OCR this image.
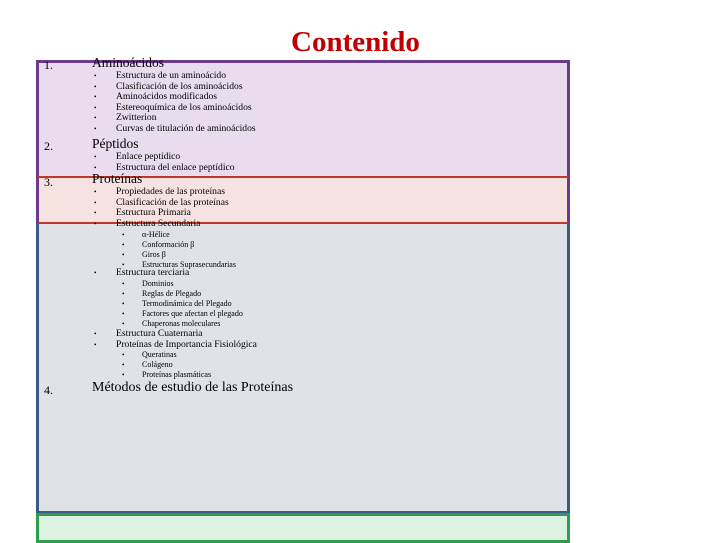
Contenido
1.	Aminoácidos
• Estructura de un aminoácido
• Clasificación de los aminoácidos
• Aminoácidos modificados
• Estereoquímica de los aminoácidos
• Zwitterion
• Curvas de titulación de aminoácidos
2.	Péptidos
• Enlace peptídico
• Estructura del enlace peptídico
3.	Proteínas
• Propiedades de las proteínas
• Clasificación de las proteínas
• Estructura Primaria
• Estructura Secundaria
• α-Hélice
• Conformación β
• Giros β
• Estructuras Suprasecundarias
• Estructura terciaria
• Dominios
• Reglas de Plegado
• Termodinámica del Plegado
• Factores que afectan el plegado
• Chaperonas moleculares
• Estructura Cuaternaria
• Proteínas de Importancia Fisiológica
• Queratinas
• Colágeno
• Proteínas plasmáticas
4.	Métodos de estudio de las Proteínas
